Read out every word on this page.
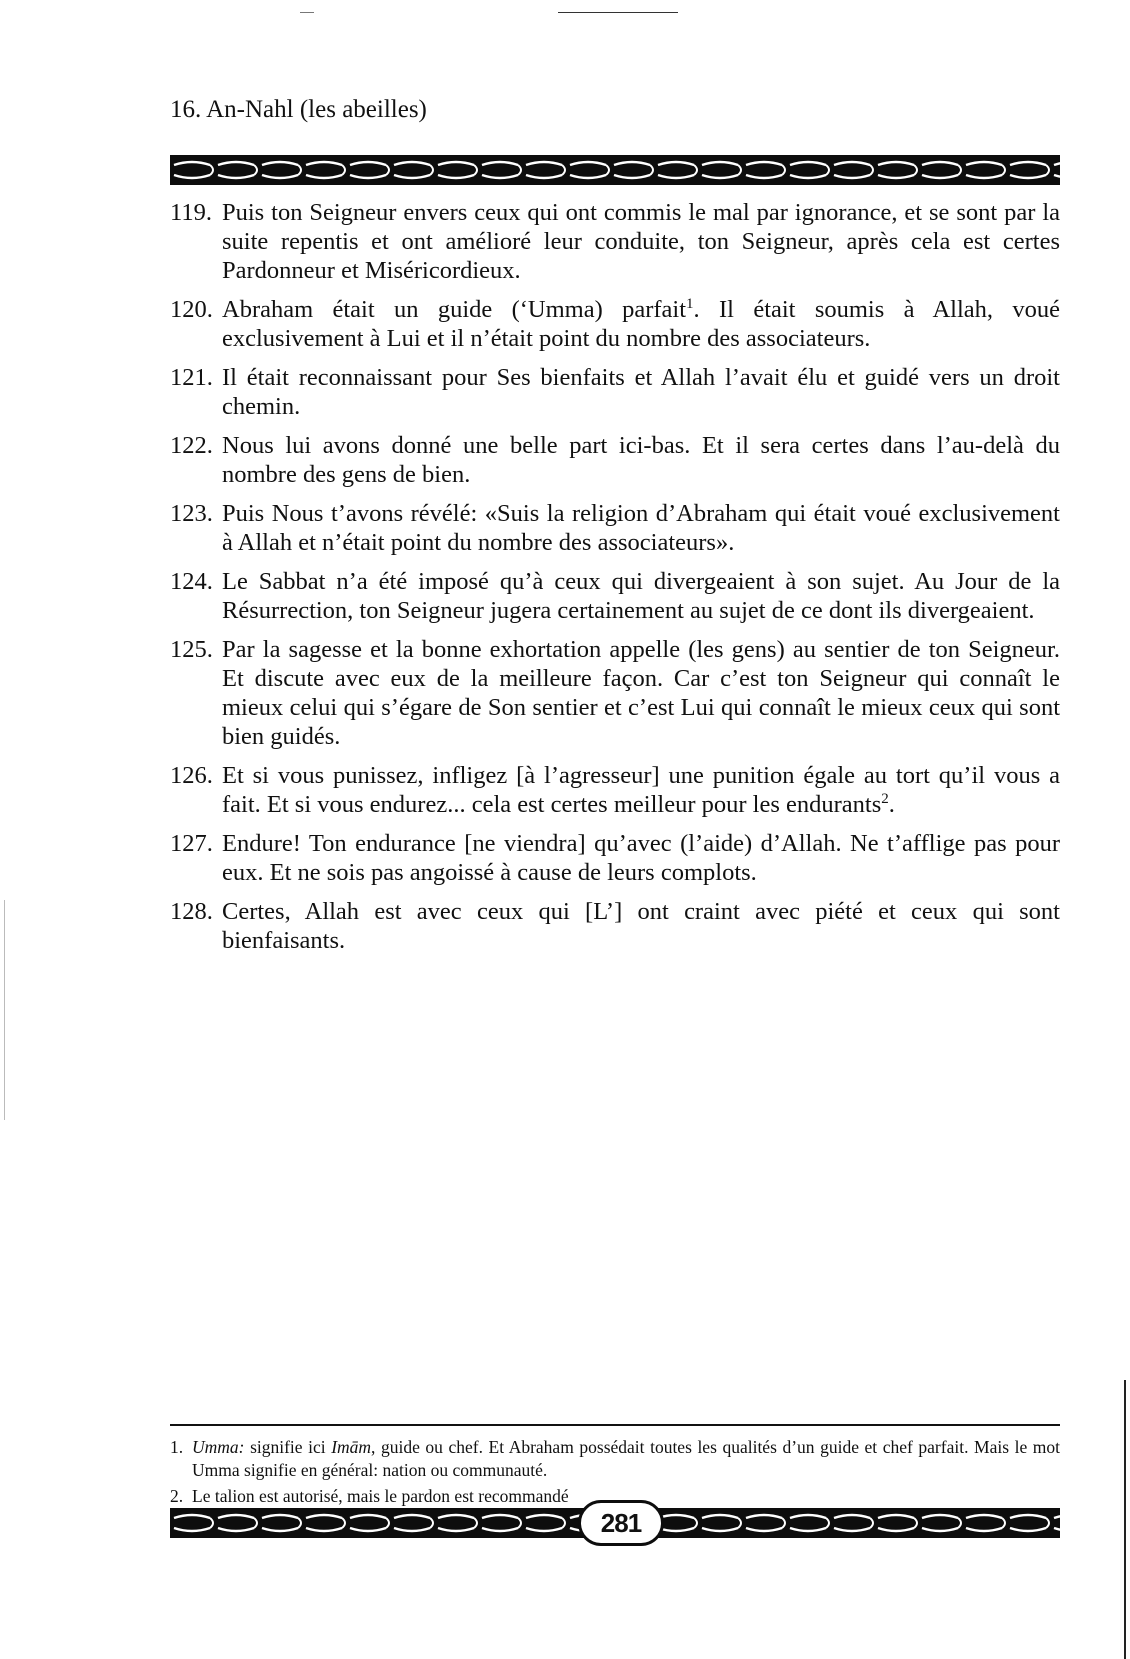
16. An-Nahl (les abeilles)
119. Puis ton Seigneur envers ceux qui ont commis le mal par ignorance, et se sont par la suite repentis et ont amélioré leur conduite, ton Seigneur, après cela est certes Pardonneur et Miséricordieux.
120. Abraham était un guide (‘Umma) parfait$^1$. Il était soumis à Allah, voué exclusivement à Lui et il n’était point du nombre des associateurs.
121. Il était reconnaissant pour Ses bienfaits et Allah l’avait élu et guidé vers un droit chemin.
122. Nous lui avons donné une belle part ici-bas. Et il sera certes dans l’au-delà du nombre des gens de bien.
123. Puis Nous t’avons révélé: «Suis la religion d’Abraham qui était voué exclusivement à Allah et n’était point du nombre des associateurs».
124. Le Sabbat n’a été imposé qu’à ceux qui divergeaient à son sujet. Au Jour de la Résurrection, ton Seigneur jugera certainement au sujet de ce dont ils divergeaient.
125. Par la sagesse et la bonne exhortation appelle (les gens) au sentier de ton Seigneur. Et discute avec eux de la meilleure façon. Car c’est ton Seigneur qui connaît le mieux celui qui s’égare de Son sentier et c’est Lui qui connaît le mieux ceux qui sont bien guidés.
126. Et si vous punissez, infligez [à l’agresseur] une punition égale au tort qu’il vous a fait. Et si vous endurez... cela est certes meilleur pour les endurants$^2$.
127. Endure! Ton endurance [ne viendra] qu’avec (l’aide) d’Allah. Ne t’afflige pas pour eux. Et ne sois pas angoissé à cause de leurs complots.
128. Certes, Allah est avec ceux qui [L’] ont craint avec piété et ceux qui sont bienfaisants.
1. Umma: signifie ici Imām, guide ou chef. Et Abraham possédait toutes les qualités d’un guide et chef parfait. Mais le mot Umma signifie en général: nation ou communauté.
2. Le talion est autorisé, mais le pardon est recommandé
281
